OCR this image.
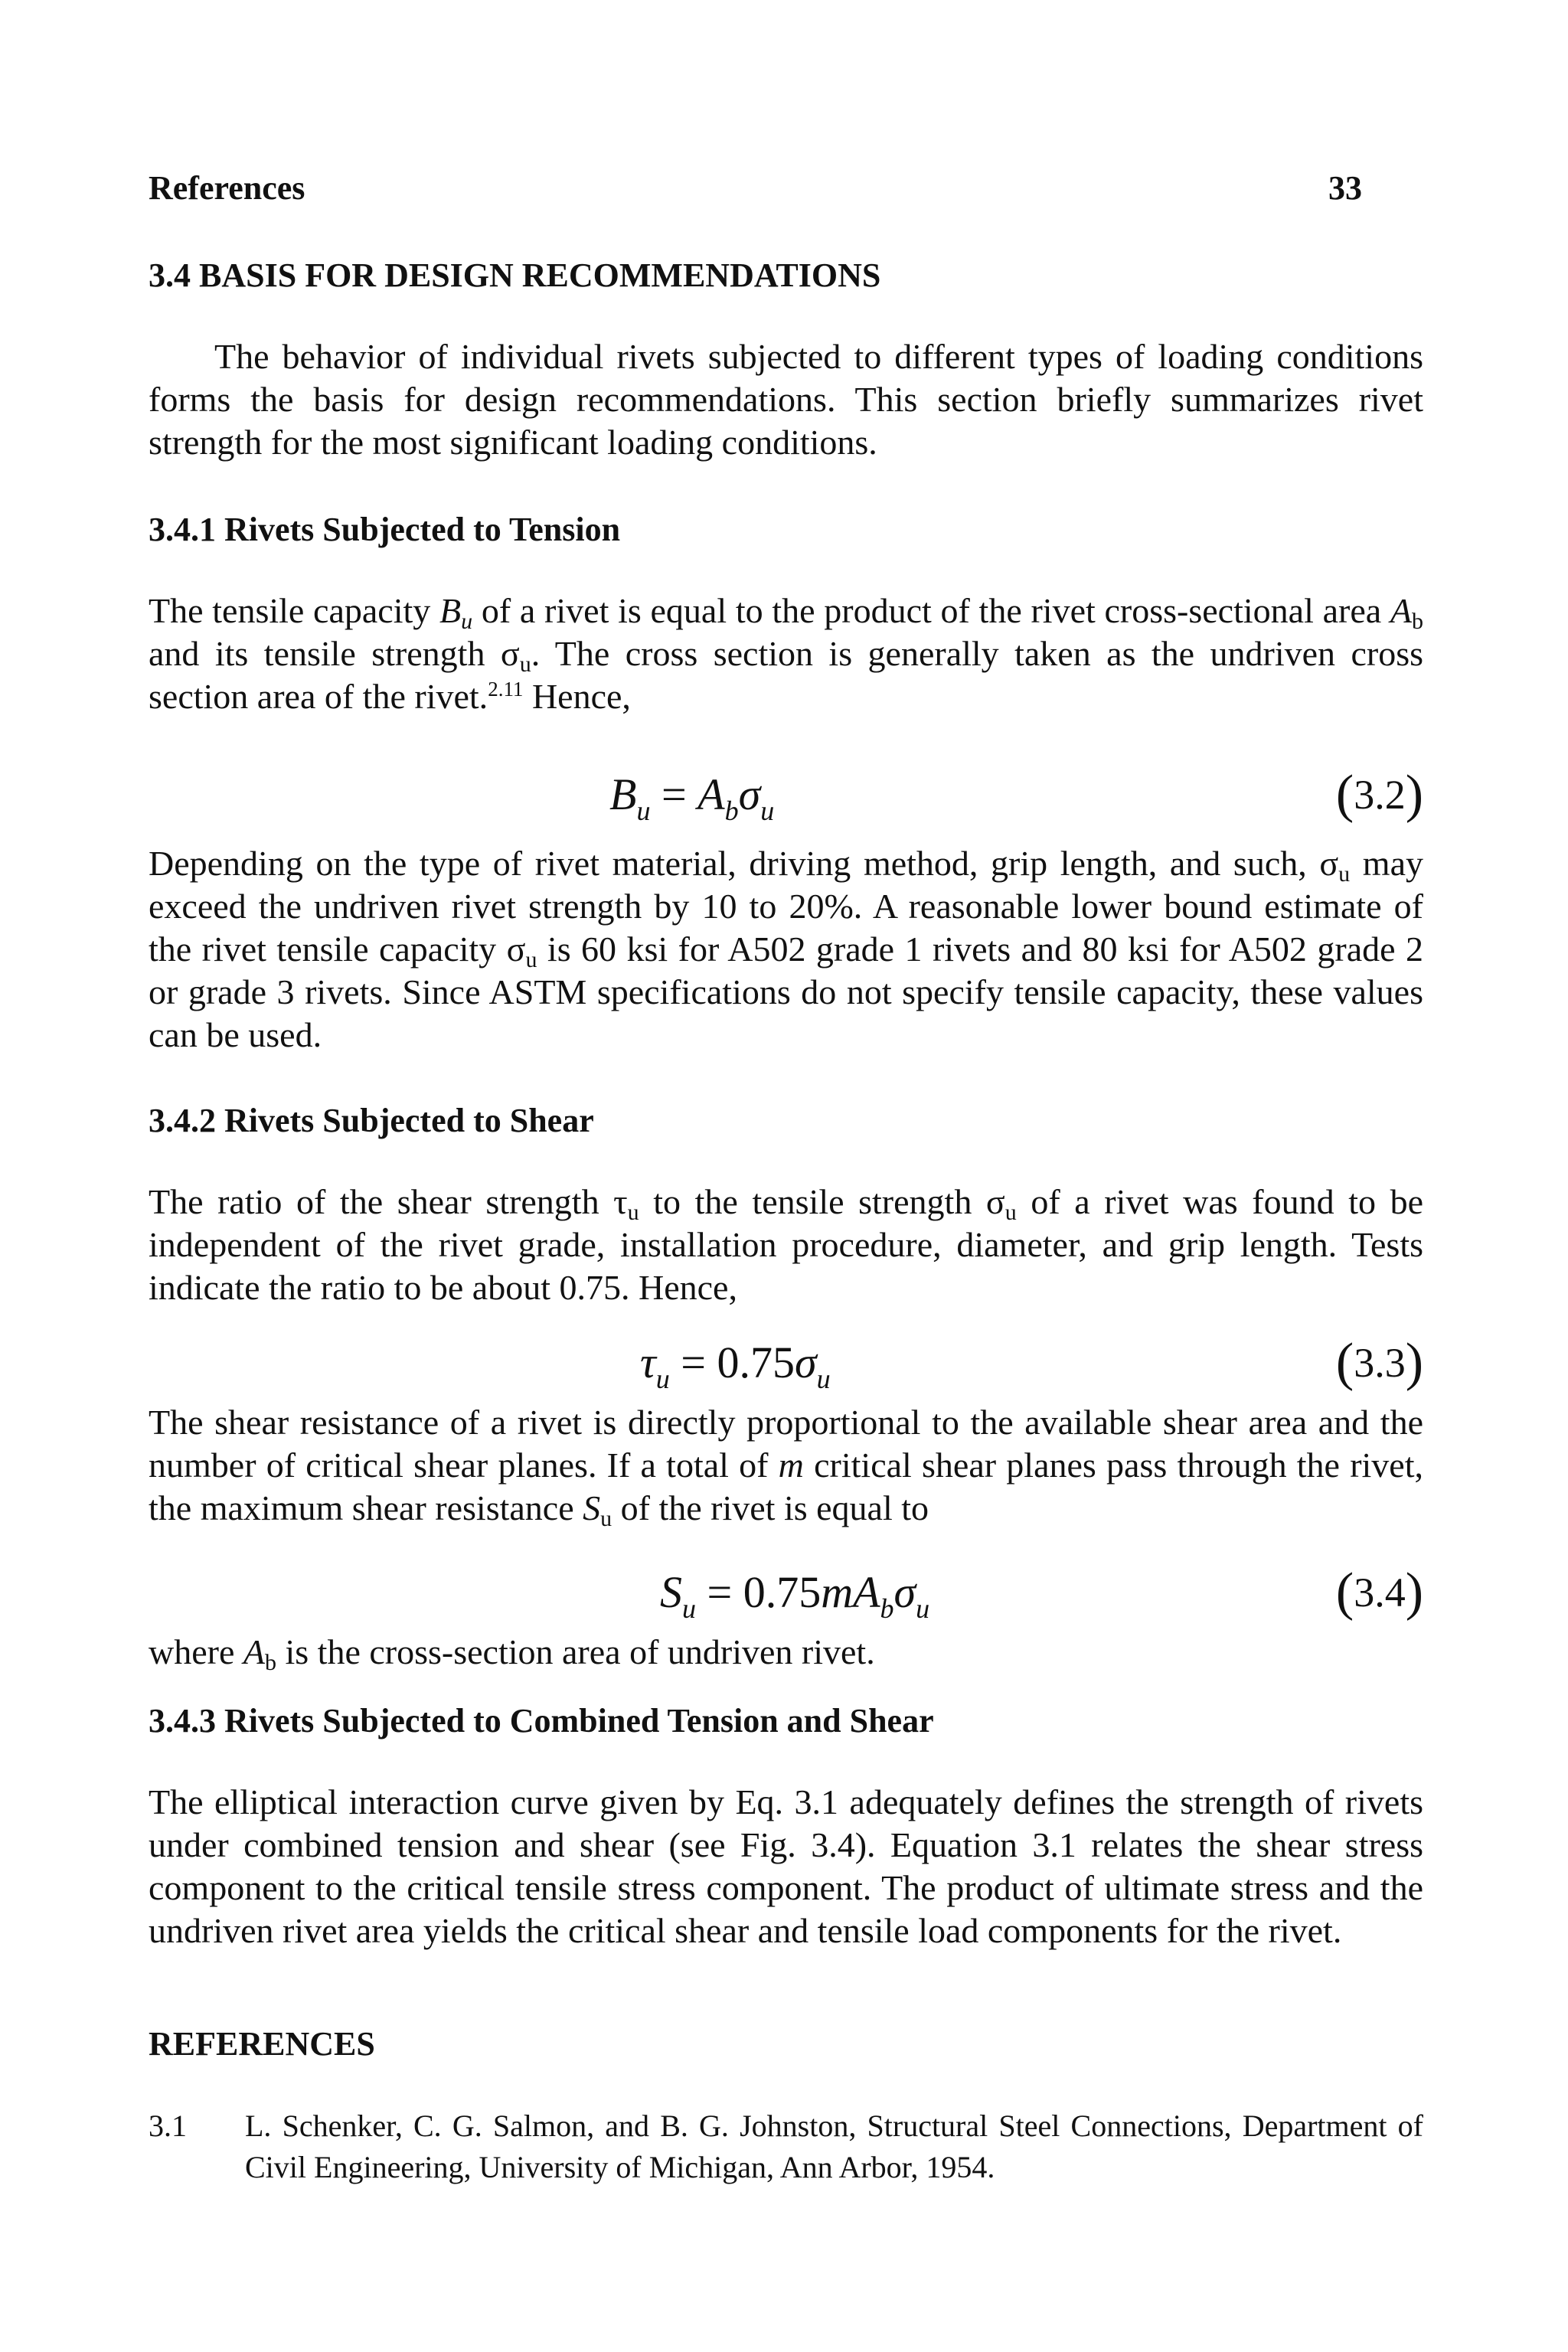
References	33
3.4 BASIS FOR DESIGN RECOMMENDATIONS
The behavior of individual rivets subjected to different types of loading conditions forms the basis for design recommendations. This section briefly summarizes rivet strength for the most significant loading conditions.
3.4.1 Rivets Subjected to Tension
The tensile capacity Bu of a rivet is equal to the product of the rivet cross-sectional area Ab and its tensile strength σu. The cross section is generally taken as the undriven cross section area of the rivet.$^{2.11}$ Hence,
$B_u = A_b\sigma_u$	(3.2)
Depending on the type of rivet material, driving method, grip length, and such, σu may exceed the undriven rivet strength by 10 to 20%. A reasonable lower bound estimate of the rivet tensile capacity σu is 60 ksi for A502 grade 1 rivets and 80 ksi for A502 grade 2 or grade 3 rivets. Since ASTM specifications do not specify tensile capacity, these values can be used.
3.4.2 Rivets Subjected to Shear
The ratio of the shear strength τu to the tensile strength σu of a rivet was found to be independent of the rivet grade, installation procedure, diameter, and grip length. Tests indicate the ratio to be about 0.75. Hence,
$\tau_u = 0.75\sigma_u$	(3.3)
The shear resistance of a rivet is directly proportional to the available shear area and the number of critical shear planes. If a total of m critical shear planes pass through the rivet, the maximum shear resistance Su of the rivet is equal to
$S_u = 0.75mA_b\sigma_u$	(3.4)
where Ab is the cross-section area of undriven rivet.
3.4.3 Rivets Subjected to Combined Tension and Shear
The elliptical interaction curve given by Eq. 3.1 adequately defines the strength of rivets under combined tension and shear (see Fig. 3.4). Equation 3.1 relates the shear stress component to the critical tensile stress component. The product of ultimate stress and the undriven rivet area yields the critical shear and tensile load components for the rivet.
REFERENCES
3.1 L. Schenker, C. G. Salmon, and B. G. Johnston, Structural Steel Connections, Department of Civil Engineering, University of Michigan, Ann Arbor, 1954.
